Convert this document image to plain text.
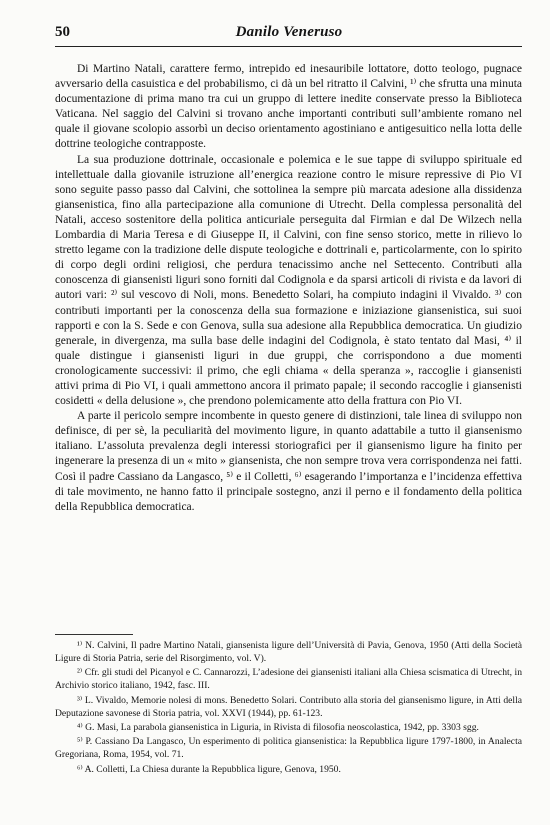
50	Danilo Veneruso

Di Martino Natali, carattere fermo, intrepido ed inesauribile lottatore, dotto teologo, pugnace avversario della casuistica e del probabilismo, ci dà un bel ritratto il Calvini, ¹⁾ che sfrutta una minuta documentazione di prima mano tra cui un gruppo di lettere inedite conservate presso la Biblioteca Vaticana. Nel saggio del Calvini si trovano anche importanti contributi sull’ambiente romano nel quale il giovane scolopio assorbì un deciso orientamento agostiniano e antigesuitico nella lotta delle dottrine teologiche contrapposte.

La sua produzione dottrinale, occasionale e polemica e le sue tappe di sviluppo spirituale ed intellettuale dalla giovanile istruzione all’energica reazione contro le misure repressive di Pio VI sono seguite passo passo dal Calvini, che sottolinea la sempre più marcata adesione alla dissidenza giansenistica, fino alla partecipazione alla comunione di Utrecht. Della complessa personalità del Natali, acceso sostenitore della politica anticuriale perseguita dal Firmian e dal De Wilzech nella Lombardia di Maria Teresa e di Giuseppe II, il Calvini, con fine senso storico, mette in rilievo lo stretto legame con la tradizione delle dispute teologiche e dottrinali e, particolarmente, con lo spirito di corpo degli ordini religiosi, che perdura tenacissimo anche nel Settecento. Contributi alla conoscenza di giansenisti liguri sono forniti dal Codignola e da sparsi articoli di rivista e da lavori di autori vari: ²⁾ sul vescovo di Noli, mons. Benedetto Solari, ha compiuto indagini il Vivaldo. ³⁾ con contributi importanti per la conoscenza della sua formazione e iniziazione giansenistica, sui suoi rapporti e con la S. Sede e con Genova, sulla sua adesione alla Repubblica democratica. Un giudizio generale, in divergenza, ma sulla base delle indagini del Codignola, è stato tentato dal Masi, ⁴⁾ il quale distingue i giansenisti liguri in due gruppi, che corrispondono a due momenti cronologicamente successivi: il primo, che egli chiama « della speranza », raccoglie i giansenisti attivi prima di Pio VI, i quali ammettono ancora il primato papale; il secondo raccoglie i giansenisti cosidetti « della delusione », che prendono polemicamente atto della frattura con Pio VI.

A parte il pericolo sempre incombente in questo genere di distinzioni, tale linea di sviluppo non definisce, di per sè, la peculiarità del movimento ligure, in quanto adattabile a tutto il giansenismo italiano. L’assoluta prevalenza degli interessi storiografici per il giansenismo ligure ha finito per ingenerare la presenza di un « mito » giansenista, che non sempre trova vera corrispondenza nei fatti. Così il padre Cassiano da Langasco, ⁵⁾ e il Colletti, ⁶⁾ esagerando l’importanza e l’incidenza effettiva di tale movimento, ne hanno fatto il principale sostegno, anzi il perno e il fondamento della politica della Repubblica democratica.

¹⁾ N. Calvini, Il padre Martino Natali, giansenista ligure dell’Università di Pavia, Genova, 1950 (Atti della Società Ligure di Storia Patria, serie del Risorgimento, vol. V).

²⁾ Cfr. gli studi del Picanyol e C. Cannarozzi, L’adesione dei giansenisti italiani alla Chiesa scismatica di Utrecht, in Archivio storico italiano, 1942, fasc. III.

³⁾ L. Vivaldo, Memorie nolesi di mons. Benedetto Solari. Contributo alla storia del giansenismo ligure, in Atti della Deputazione savonese di Storia patria, vol. XXVI (1944), pp. 61-123.

⁴⁾ G. Masi, La parabola giansenistica in Liguria, in Rivista di filosofia neoscolastica, 1942, pp. 3303 sgg.

⁵⁾ P. Cassiano Da Langasco, Un esperimento di politica giansenistica: la Repubblica ligure 1797-1800, in Analecta Gregoriana, Roma, 1954, vol. 71.

⁶⁾ A. Colletti, La Chiesa durante la Repubblica ligure, Genova, 1950.
